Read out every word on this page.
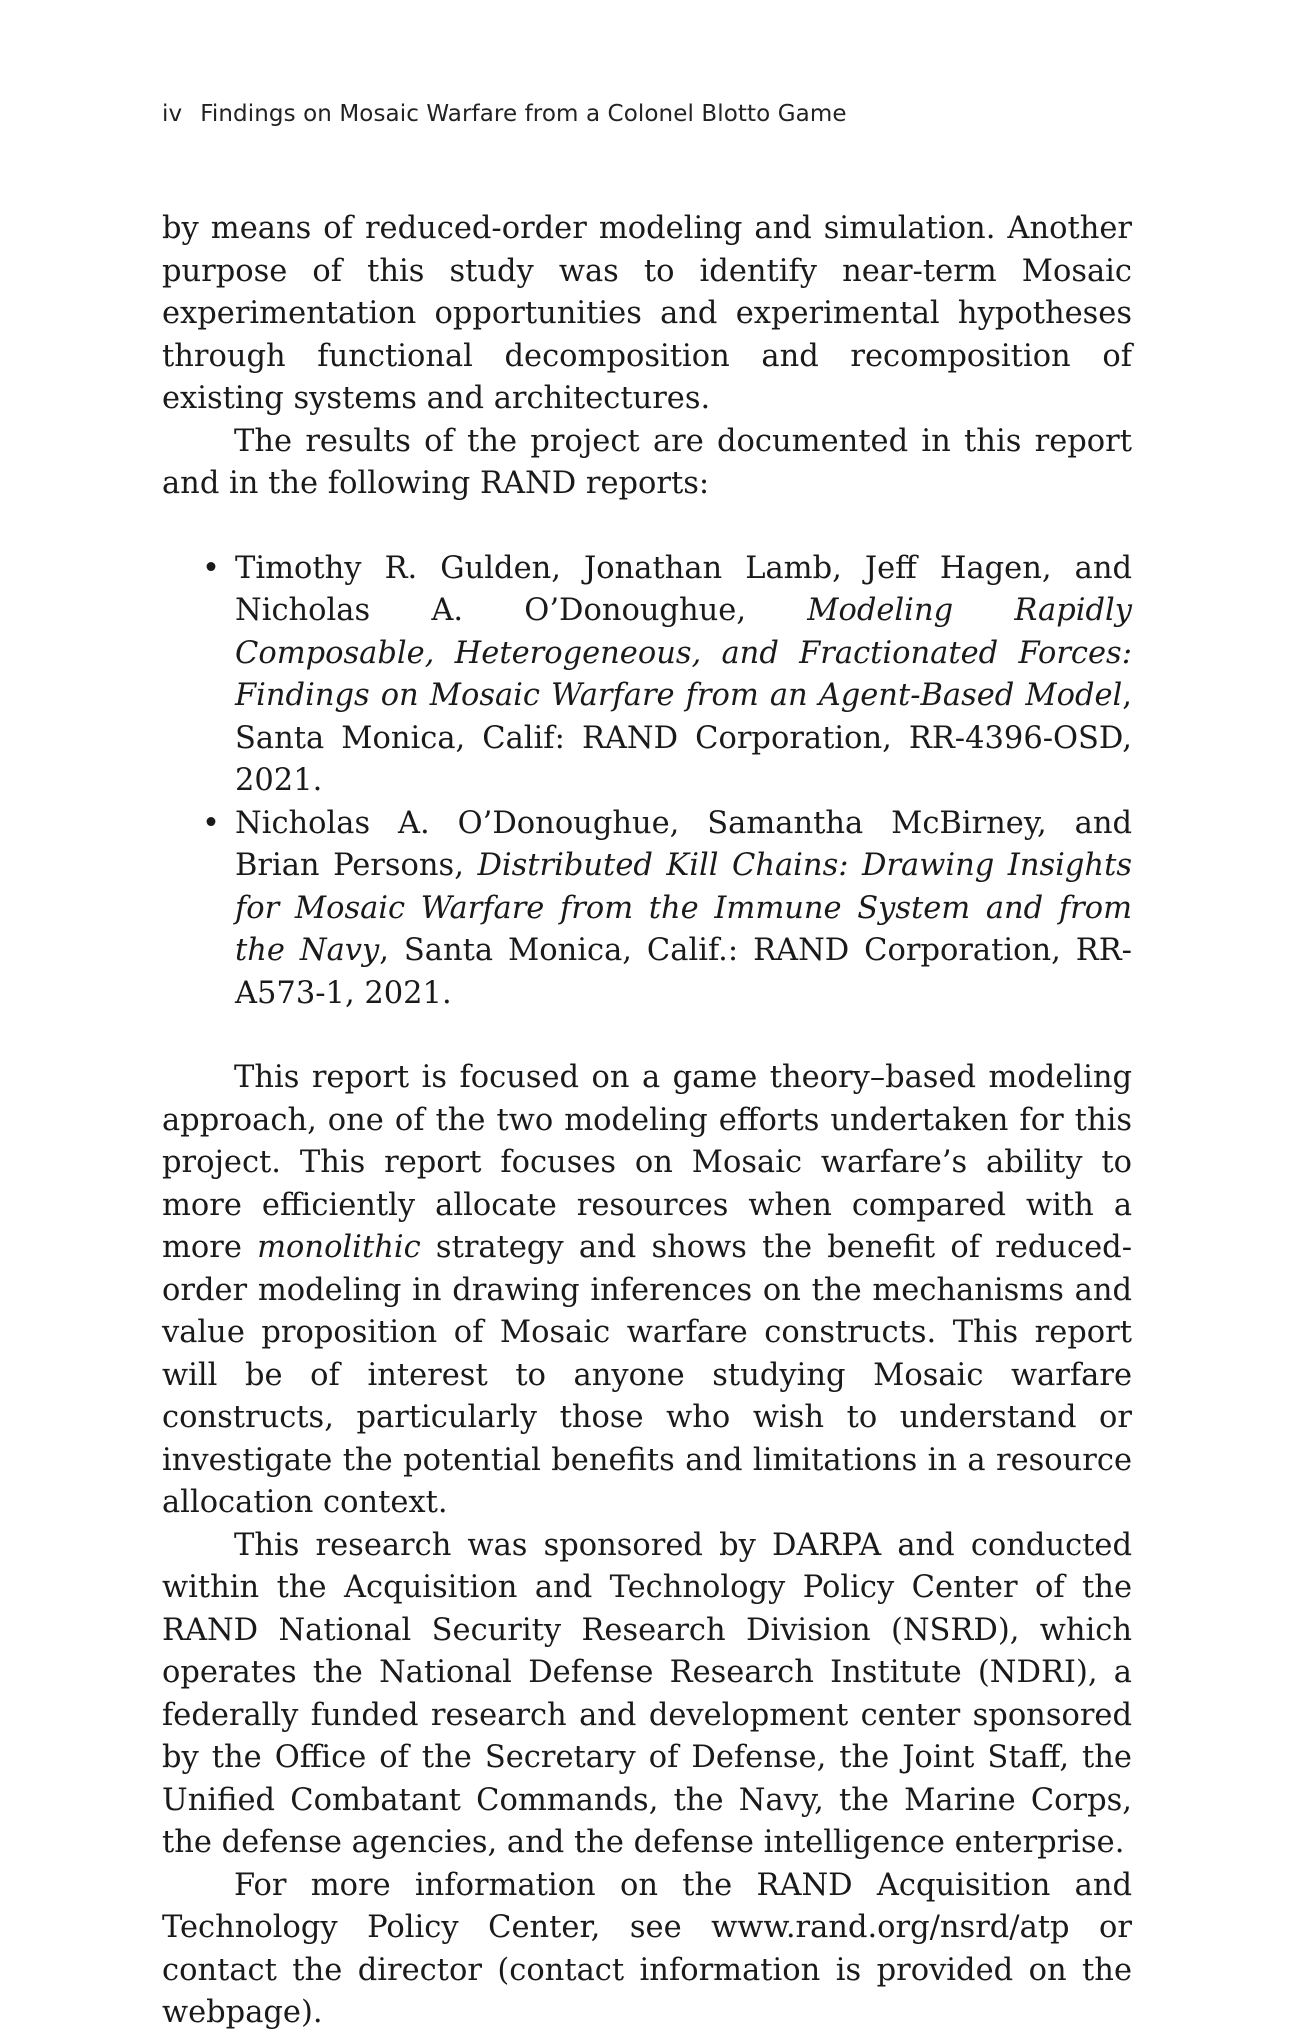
iv Findings on Mosaic Warfare from a Colonel Blotto Game

by means of reduced-order modeling and simulation. Another purpose of this study was to identify near-term Mosaic experimentation opportunities and experimental hypotheses through functional decomposition and recomposition of existing systems and architectures.

The results of the project are documented in this report and in the following RAND reports:

• Timothy R. Gulden, Jonathan Lamb, Jeff Hagen, and Nicholas A. O’Donoughue, Modeling Rapidly Composable, Heterogeneous, and Fractionated Forces: Findings on Mosaic Warfare from an Agent-Based Model, Santa Monica, Calif: RAND Corporation, RR-4396-OSD, 2021.
• Nicholas A. O’Donoughue, Samantha McBirney, and Brian Persons, Distributed Kill Chains: Drawing Insights for Mosaic Warfare from the Immune System and from the Navy, Santa Monica, Calif.: RAND Corporation, RR-A573-1, 2021.

This report is focused on a game theory–based modeling approach, one of the two modeling efforts undertaken for this project. This report focuses on Mosaic warfare’s ability to more efficiently allocate resources when compared with a more monolithic strategy and shows the benefit of reduced-order modeling in drawing inferences on the mechanisms and value proposition of Mosaic warfare constructs. This report will be of interest to anyone studying Mosaic warfare constructs, particularly those who wish to understand or investigate the potential benefits and limitations in a resource allocation context.

This research was sponsored by DARPA and conducted within the Acquisition and Technology Policy Center of the RAND National Security Research Division (NSRD), which operates the National Defense Research Institute (NDRI), a federally funded research and development center sponsored by the Office of the Secretary of Defense, the Joint Staff, the Unified Combatant Commands, the Navy, the Marine Corps, the defense agencies, and the defense intelligence enterprise.

For more information on the RAND Acquisition and Technology Policy Center, see www.rand.org/nsrd/atp or contact the director (contact information is provided on the webpage).
